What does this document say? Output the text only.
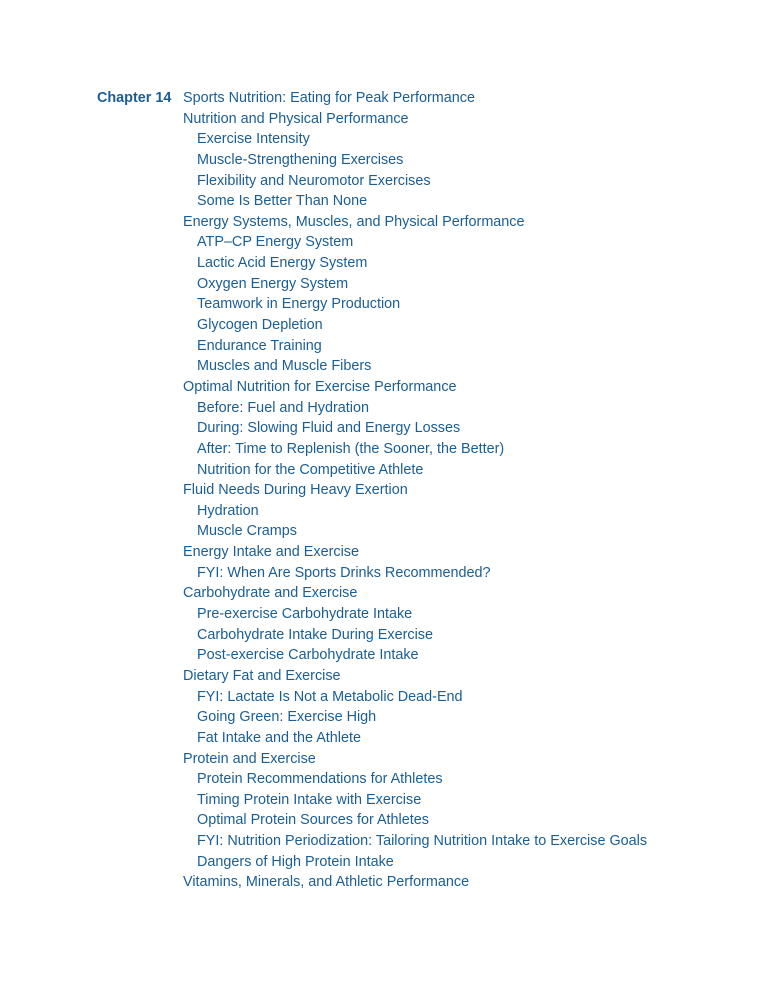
Chapter 14 Sports Nutrition: Eating for Peak Performance
Nutrition and Physical Performance
Exercise Intensity
Muscle-Strengthening Exercises
Flexibility and Neuromotor Exercises
Some Is Better Than None
Energy Systems, Muscles, and Physical Performance
ATP–CP Energy System
Lactic Acid Energy System
Oxygen Energy System
Teamwork in Energy Production
Glycogen Depletion
Endurance Training
Muscles and Muscle Fibers
Optimal Nutrition for Exercise Performance
Before: Fuel and Hydration
During: Slowing Fluid and Energy Losses
After: Time to Replenish (the Sooner, the Better)
Nutrition for the Competitive Athlete
Fluid Needs During Heavy Exertion
Hydration
Muscle Cramps
Energy Intake and Exercise
FYI: When Are Sports Drinks Recommended?
Carbohydrate and Exercise
Pre-exercise Carbohydrate Intake
Carbohydrate Intake During Exercise
Post-exercise Carbohydrate Intake
Dietary Fat and Exercise
FYI: Lactate Is Not a Metabolic Dead-End
Going Green: Exercise High
Fat Intake and the Athlete
Protein and Exercise
Protein Recommendations for Athletes
Timing Protein Intake with Exercise
Optimal Protein Sources for Athletes
FYI: Nutrition Periodization: Tailoring Nutrition Intake to Exercise Goals
Dangers of High Protein Intake
Vitamins, Minerals, and Athletic Performance
